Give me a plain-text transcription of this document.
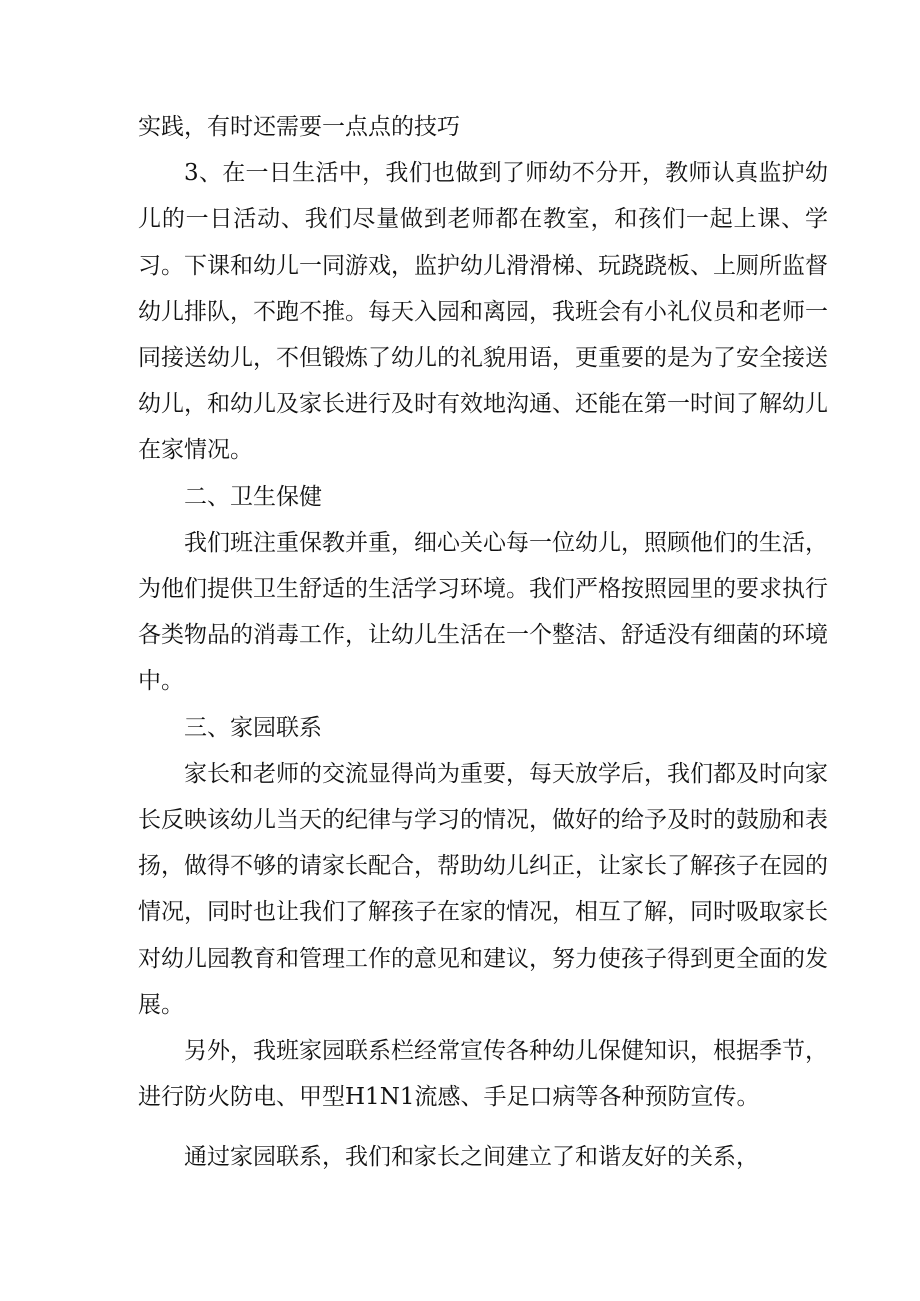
实践，有时还需要一点点的技巧

3、在一日生活中，我们也做到了师幼不分开，教师认真监护幼儿的一日活动、我们尽量做到老师都在教室，和孩们一起上课、学习。下课和幼儿一同游戏，监护幼儿滑滑梯、玩跷跷板、上厕所监督幼儿排队，不跑不推。每天入园和离园，我班会有小礼仪员和老师一同接送幼儿，不但锻炼了幼儿的礼貌用语，更重要的是为了安全接送幼儿，和幼儿及家长进行及时有效地沟通、还能在第一时间了解幼儿在家情况。

二、卫生保健

我们班注重保教并重，细心关心每一位幼儿，照顾他们的生活，为他们提供卫生舒适的生活学习环境。我们严格按照园里的要求执行各类物品的消毒工作，让幼儿生活在一个整洁、舒适没有细菌的环境中。

三、家园联系

家长和老师的交流显得尚为重要，每天放学后，我们都及时向家长反映该幼儿当天的纪律与学习的情况，做好的给予及时的鼓励和表扬，做得不够的请家长配合，帮助幼儿纠正，让家长了解孩子在园的情况，同时也让我们了解孩子在家的情况，相互了解，同时吸取家长对幼儿园教育和管理工作的意见和建议，努力使孩子得到更全面的发展。

另外，我班家园联系栏经常宣传各种幼儿保健知识，根据季节，进行防火防电、甲型H1N1流感、手足口病等各种预防宣传。

通过家园联系，我们和家长之间建立了和谐友好的关系，
